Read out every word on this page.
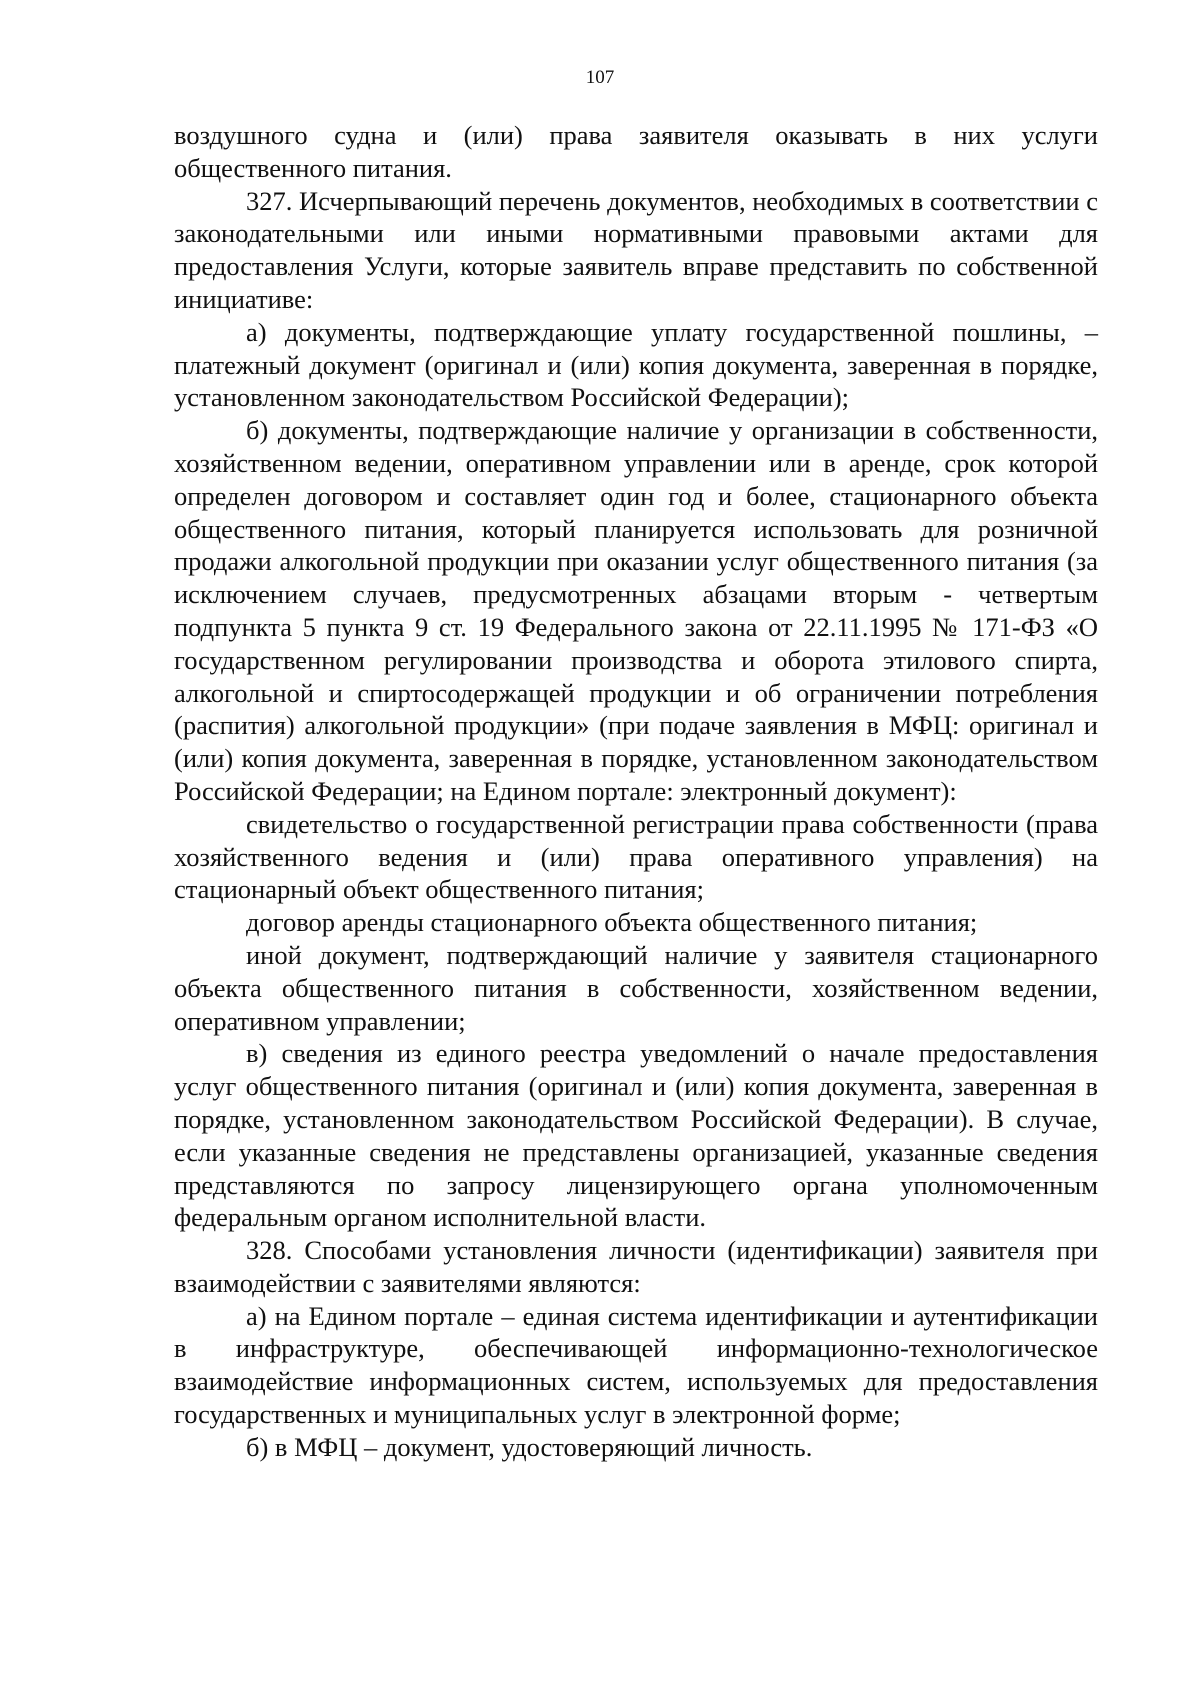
107

воздушного судна и (или) права заявителя оказывать в них услуги общественного питания.

327. Исчерпывающий перечень документов, необходимых в соответствии с законодательными или иными нормативными правовыми актами для предоставления Услуги, которые заявитель вправе представить по собственной инициативе:

а) документы, подтверждающие уплату государственной пошлины, – платежный документ (оригинал и (или) копия документа, заверенная в порядке, установленном законодательством Российской Федерации);

б) документы, подтверждающие наличие у организации в собственности, хозяйственном ведении, оперативном управлении или в аренде, срок которой определен договором и составляет один год и более, стационарного объекта общественного питания, который планируется использовать для розничной продажи алкогольной продукции при оказании услуг общественного питания (за исключением случаев, предусмотренных абзацами вторым - четвертым подпункта 5 пункта 9 ст. 19 Федерального закона от 22.11.1995 № 171-ФЗ «О государственном регулировании производства и оборота этилового спирта, алкогольной и спиртосодержащей продукции и об ограничении потребления (распития) алкогольной продукции» (при подаче заявления в МФЦ: оригинал и (или) копия документа, заверенная в порядке, установленном законодательством Российской Федерации; на Едином портале: электронный документ):

свидетельство о государственной регистрации права собственности (права хозяйственного ведения и (или) права оперативного управления) на стационарный объект общественного питания;

договор аренды стационарного объекта общественного питания;

иной документ, подтверждающий наличие у заявителя стационарного объекта общественного питания в собственности, хозяйственном ведении, оперативном управлении;

в) сведения из единого реестра уведомлений о начале предоставления услуг общественного питания (оригинал и (или) копия документа, заверенная в порядке, установленном законодательством Российской Федерации). В случае, если указанные сведения не представлены организацией, указанные сведения представляются по запросу лицензирующего органа уполномоченным федеральным органом исполнительной власти.

328. Способами установления личности (идентификации) заявителя при взаимодействии с заявителями являются:

а) на Едином портале – единая система идентификации и аутентификации в инфраструктуре, обеспечивающей информационно-технологическое взаимодействие информационных систем, используемых для предоставления государственных и муниципальных услуг в электронной форме;

б) в МФЦ – документ, удостоверяющий личность.
